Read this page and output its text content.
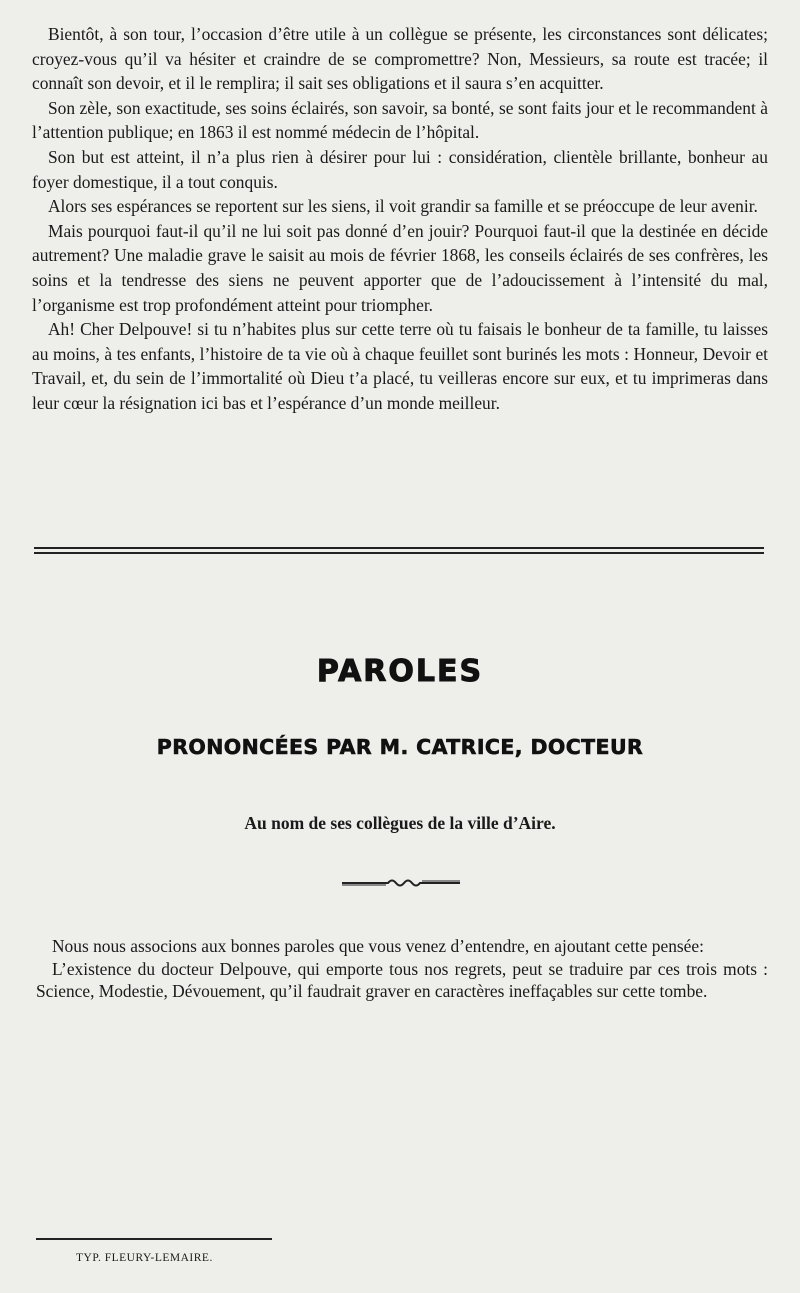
Bientôt, à son tour, l’occasion d’être utile à un collègue se présente, les circonstances sont délicates; croyez-vous qu’il va hésiter et craindre de se compromettre? Non, Messieurs, sa route est tracée; il connaît son devoir, et il le remplira; il sait ses obligations et il saura s’en acquitter.

Son zèle, son exactitude, ses soins éclairés, son savoir, sa bonté, se sont faits jour et le recommandent à l’attention publique; en 1863 il est nommé médecin de l’hôpital.

Son but est atteint, il n’a plus rien à désirer pour lui : considération, clientèle brillante, bonheur au foyer domestique, il a tout conquis.

Alors ses espérances se reportent sur les siens, il voit grandir sa famille et se préoccupe de leur avenir.

Mais pourquoi faut-il qu’il ne lui soit pas donné d’en jouir? Pourquoi faut-il que la destinée en décide autrement? Une maladie grave le saisit au mois de février 1868, les conseils éclairés de ses confrères, les soins et la tendresse des siens ne peuvent apporter que de l’adoucissement à l’intensité du mal, l’organisme est trop profondément atteint pour triompher.

Ah! Cher Delpouve! si tu n’habites plus sur cette terre où tu faisais le bonheur de ta famille, tu laisses au moins, à tes enfants, l’histoire de ta vie où à chaque feuillet sont burinés les mots : Honneur, Devoir et Travail, et, du sein de l’immortalité où Dieu t’a placé, tu veilleras encore sur eux, et tu imprimeras dans leur cœur la résignation ici bas et l’espérance d’un monde meilleur.

PAROLES
PRONONCÉES PAR M. CATRICE, DOCTEUR
Au nom de ses collègues de la ville d’Aire.

Nous nous associons aux bonnes paroles que vous venez d’entendre, en ajoutant cette pensée:

L’existence du docteur Delpouve, qui emporte tous nos regrets, peut se traduire par ces trois mots : Science, Modestie, Dévouement, qu’il faudrait graver en caractères ineffaçables sur cette tombe.

TYP. FLEURY-LEMAIRE.
